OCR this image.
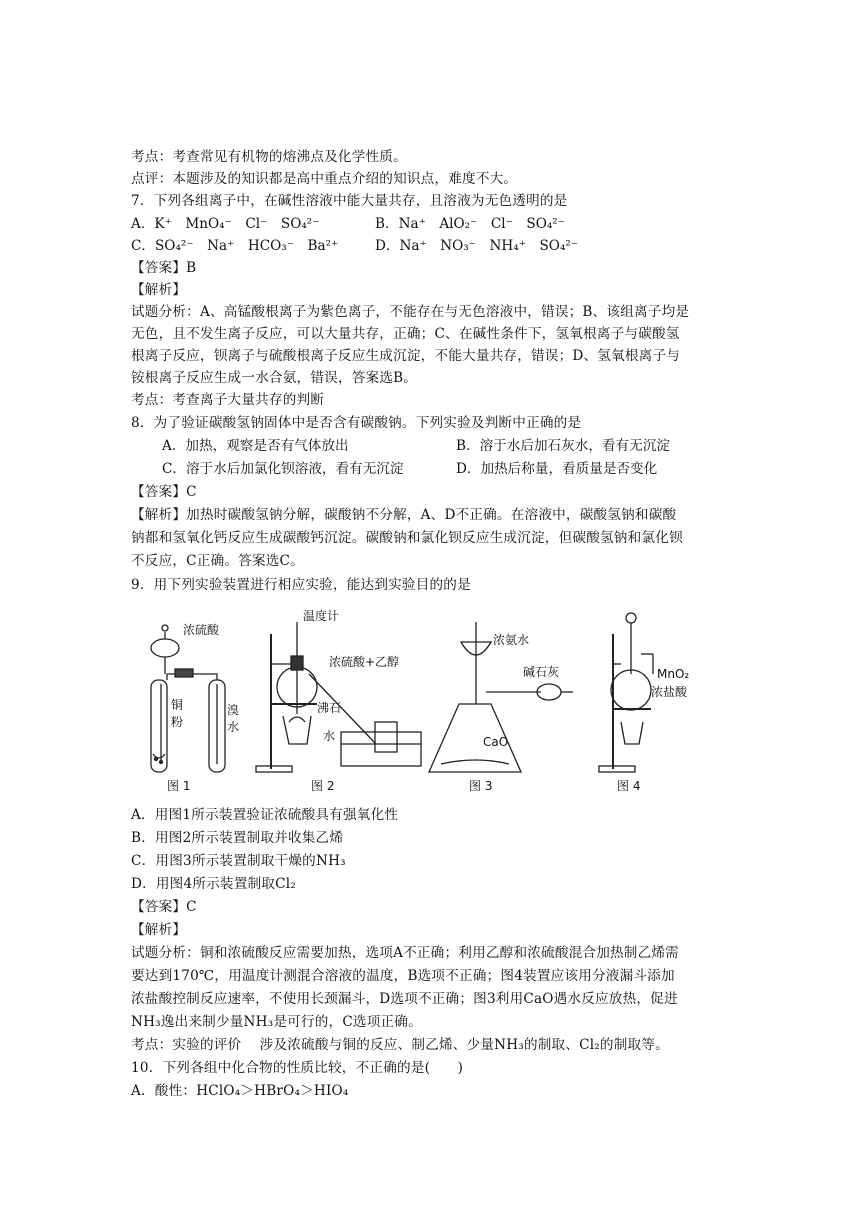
考点：考查常见有机物的熔沸点及化学性质。
点评：本题涉及的知识都是高中重点介绍的知识点，难度不大。
7．下列各组离子中，在碱性溶液中能大量共存，且溶液为无色透明的是
A．K⁺　MnO₄⁻　Cl⁻　SO₄²⁻	B．Na⁺　AlO₂⁻　Cl⁻　SO₄²⁻
C．SO₄²⁻　Na⁺　HCO₃⁻　Ba²⁺	D．Na⁺　NO₃⁻　NH₄⁺　SO₄²⁻
【答案】B
【解析】
试题分析：A、高锰酸根离子为紫色离子，不能存在与无色溶液中，错误；B、该组离子均是
无色，且不发生离子反应，可以大量共存，正确；C、在碱性条件下，氢氧根离子与碳酸氢
根离子反应，钡离子与硫酸根离子反应生成沉淀，不能大量共存，错误；D、氢氧根离子与
铵根离子反应生成一水合氨，错误，答案选B。
考点：考查离子大量共存的判断
8．为了验证碳酸氢钠固体中是否含有碳酸钠。下列实验及判断中正确的是
A．加热，观察是否有气体放出	B．溶于水后加石灰水，看有无沉淀
C．溶于水后加氯化钡溶液，看有无沉淀	D．加热后称量，看质量是否变化
【答案】C
【解析】加热时碳酸氢钠分解，碳酸钠不分解，A、D不正确。在溶液中，碳酸氢钠和碳酸
钠都和氢氧化钙反应生成碳酸钙沉淀。碳酸钠和氯化钡反应生成沉淀，但碳酸氢钠和氯化钡
不反应，C正确。答案选C。
9．用下列实验装置进行相应实验，能达到实验目的的是
浓硫酸
铜
粉
溴
水
图 1
温度计
浓硫酸+乙醇
沸石
水
图 2
浓氨水
碱石灰
CaO
图 3
MnO₂
浓盐酸
图 4
A．用图1所示装置验证浓硫酸具有强氧化性
B．用图2所示装置制取并收集乙烯
C．用图3所示装置制取干燥的NH₃
D．用图4所示装置制取Cl₂
【答案】C
【解析】
试题分析：铜和浓硫酸反应需要加热，选项A不正确；利用乙醇和浓硫酸混合加热制乙烯需
要达到170℃，用温度计测混合溶液的温度，B选项不正确；图4装置应该用分液漏斗添加
浓盐酸控制反应速率，不使用长颈漏斗，D选项不正确；图3利用CaO遇水反应放热，促进
NH₃逸出来制少量NH₃是可行的，C选项正确。
考点：实验的评价　 涉及浓硫酸与铜的反应、制乙烯、少量NH₃的制取、Cl₂的制取等。
10．下列各组中化合物的性质比较，不正确的是(　　)
A．酸性：HClO₄＞HBrO₄＞HIO₄
